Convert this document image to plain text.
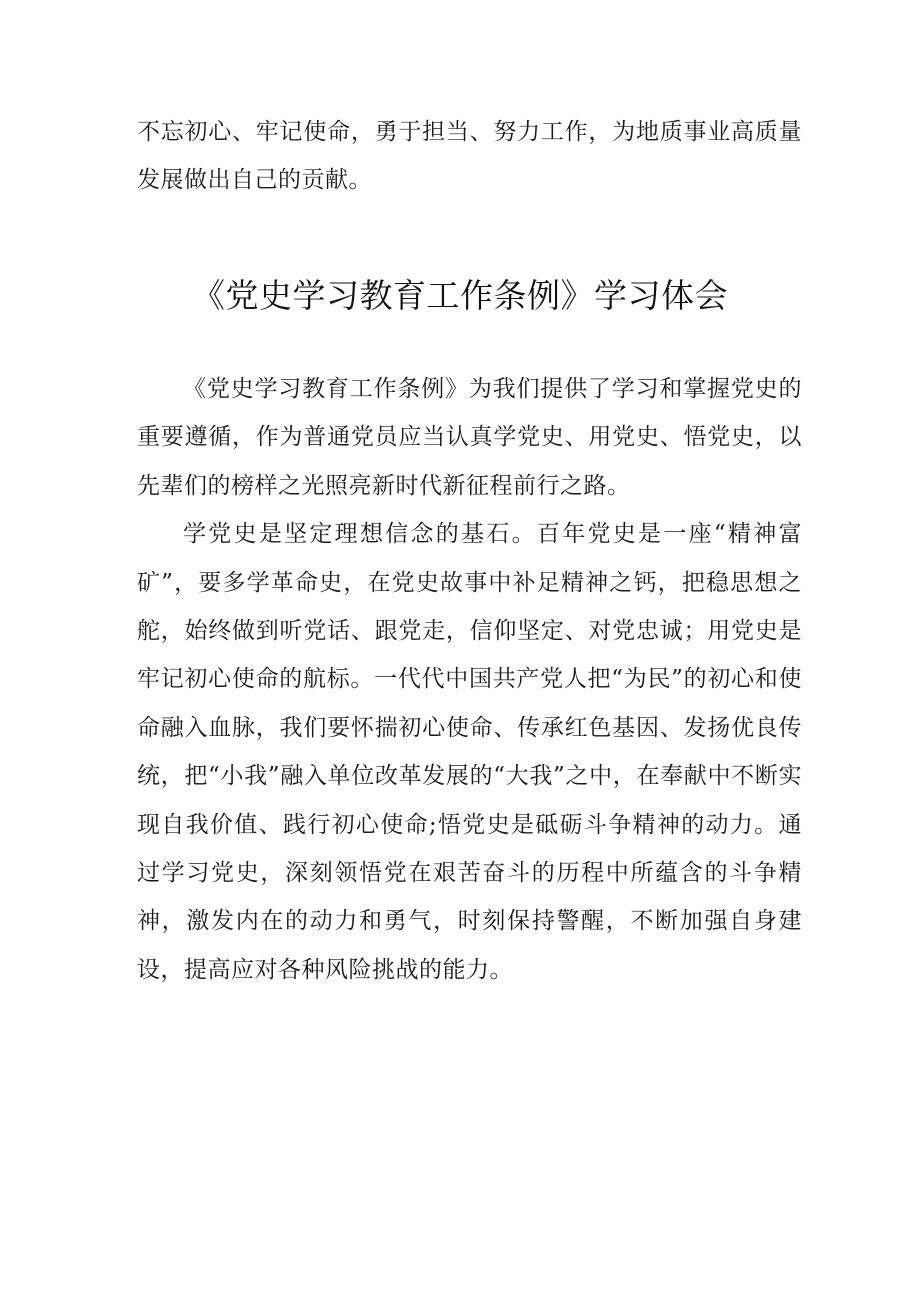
不忘初心、牢记使命，勇于担当、努力工作，为地质事业高质量发展做出自己的贡献。

《党史学习教育工作条例》学习体会

《党史学习教育工作条例》为我们提供了学习和掌握党史的重要遵循，作为普通党员应当认真学党史、用党史、悟党史，以先辈们的榜样之光照亮新时代新征程前行之路。

学党史是坚定理想信念的基石。百年党史是一座“精神富矿”，要多学革命史，在党史故事中补足精神之钙，把稳思想之舵，始终做到听党话、跟党走，信仰坚定、对党忠诚；用党史是牢记初心使命的航标。一代代中国共产党人把“为民”的初心和使命融入血脉，我们要怀揣初心使命、传承红色基因、发扬优良传统，把“小我”融入单位改革发展的“大我”之中，在奉献中不断实现自我价值、践行初心使命;悟党史是砥砺斗争精神的动力。通过学习党史，深刻领悟党在艰苦奋斗的历程中所蕴含的斗争精神，激发内在的动力和勇气，时刻保持警醒，不断加强自身建设，提高应对各种风险挑战的能力。
